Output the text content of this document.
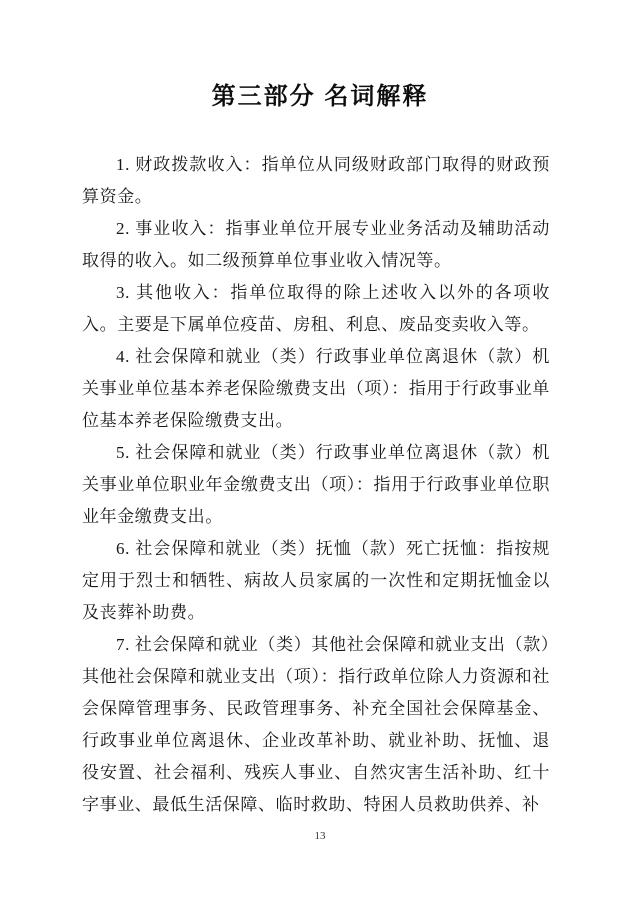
第三部分 名词解释

1. 财政拨款收入：指单位从同级财政部门取得的财政预算资金。

2. 事业收入：指事业单位开展专业业务活动及辅助活动取得的收入。如二级预算单位事业收入情况等。

3. 其他收入：指单位取得的除上述收入以外的各项收入。主要是下属单位疫苗、房租、利息、废品变卖收入等。

4. 社会保障和就业（类）行政事业单位离退休（款）机关事业单位基本养老保险缴费支出（项）：指用于行政事业单位基本养老保险缴费支出。

5. 社会保障和就业（类）行政事业单位离退休（款）机关事业单位职业年金缴费支出（项）：指用于行政事业单位职业年金缴费支出。

6. 社会保障和就业（类）抚恤（款）死亡抚恤：指按规定用于烈士和牺牲、病故人员家属的一次性和定期抚恤金以及丧葬补助费。

7. 社会保障和就业（类）其他社会保障和就业支出（款）其他社会保障和就业支出（项）：指行政单位除人力资源和社会保障管理事务、民政管理事务、补充全国社会保障基金、行政事业单位离退休、企业改革补助、就业补助、抚恤、退役安置、社会福利、残疾人事业、自然灾害生活补助、红十字事业、最低生活保障、临时救助、特困人员救助供养、补

13
